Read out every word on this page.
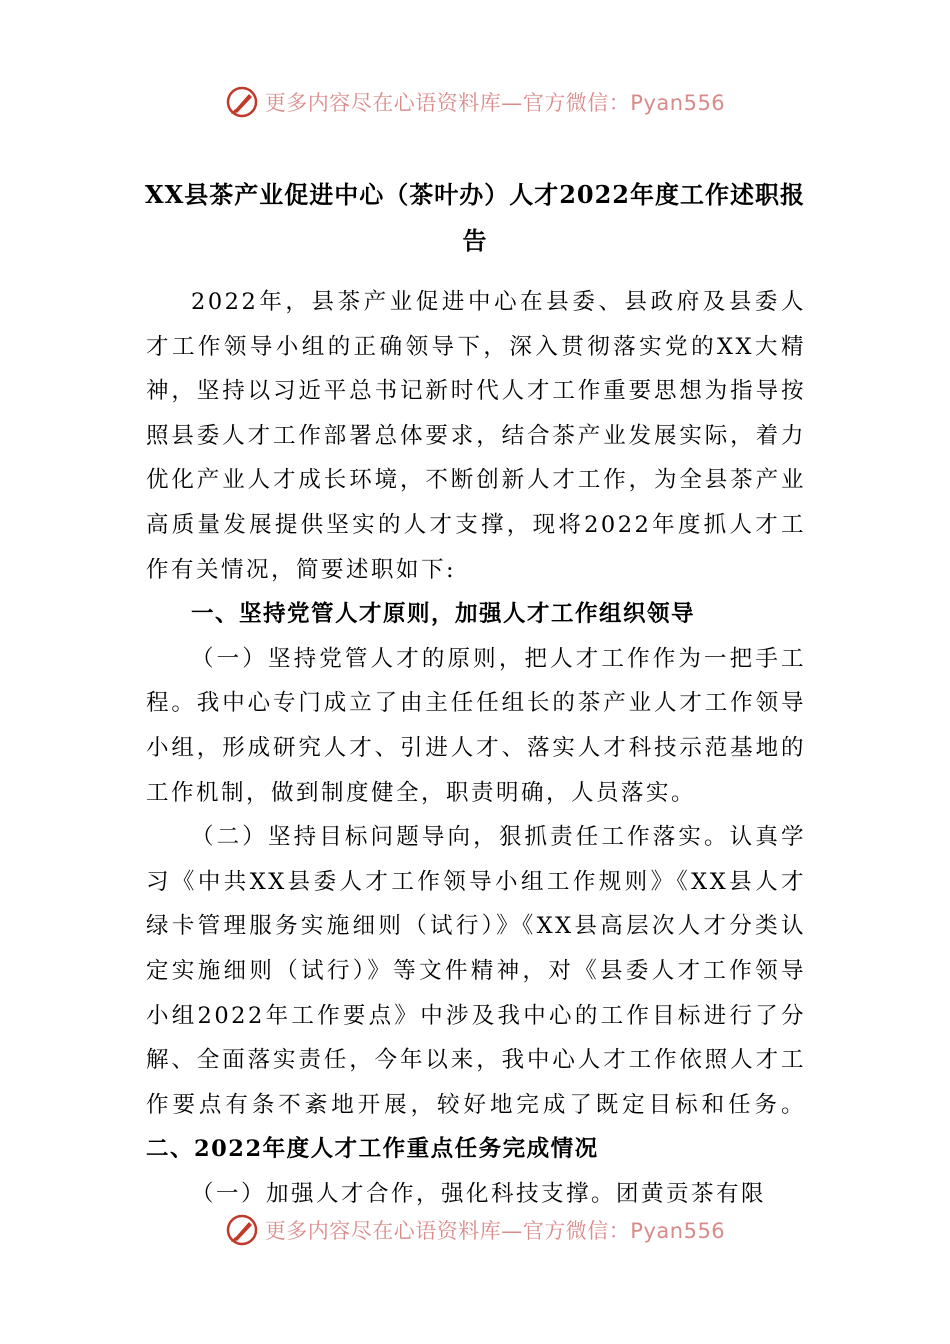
更多内容尽在心语资料库—官方微信：Pyan556
XX县茶产业促进中心（茶叶办）人才2022年度工作述职报告

2022年，县茶产业促进中心在县委、县政府及县委人才工作领导小组的正确领导下，深入贯彻落实党的XX大精神，坚持以习近平总书记新时代人才工作重要思想为指导按照县委人才工作部署总体要求，结合茶产业发展实际，着力优化产业人才成长环境，不断创新人才工作，为全县茶产业高质量发展提供坚实的人才支撑，现将2022年度抓人才工作有关情况，简要述职如下:

一、坚持党管人才原则，加强人才工作组织领导

（一）坚持党管人才的原则，把人才工作作为一把手工程。我中心专门成立了由主任任组长的茶产业人才工作领导小组，形成研究人才、引进人才、落实人才科技示范基地的工作机制，做到制度健全，职责明确，人员落实。

（二）坚持目标问题导向，狠抓责任工作落实。认真学习《中共XX县委人才工作领导小组工作规则》《XX县人才绿卡管理服务实施细则（试行）》《XX县高层次人才分类认定实施细则（试行）》等文件精神，对《县委人才工作领导小组2022年工作要点》中涉及我中心的工作目标进行了分解、全面落实责任，今年以来，我中心人才工作依照人才工作要点有条不紊地开展，较好地完成了既定目标和任务。二、2022年度人才工作重点任务完成情况

（一）加强人才合作，强化科技支撑。团黄贡茶有限

更多内容尽在心语资料库—官方微信：Pyan556
